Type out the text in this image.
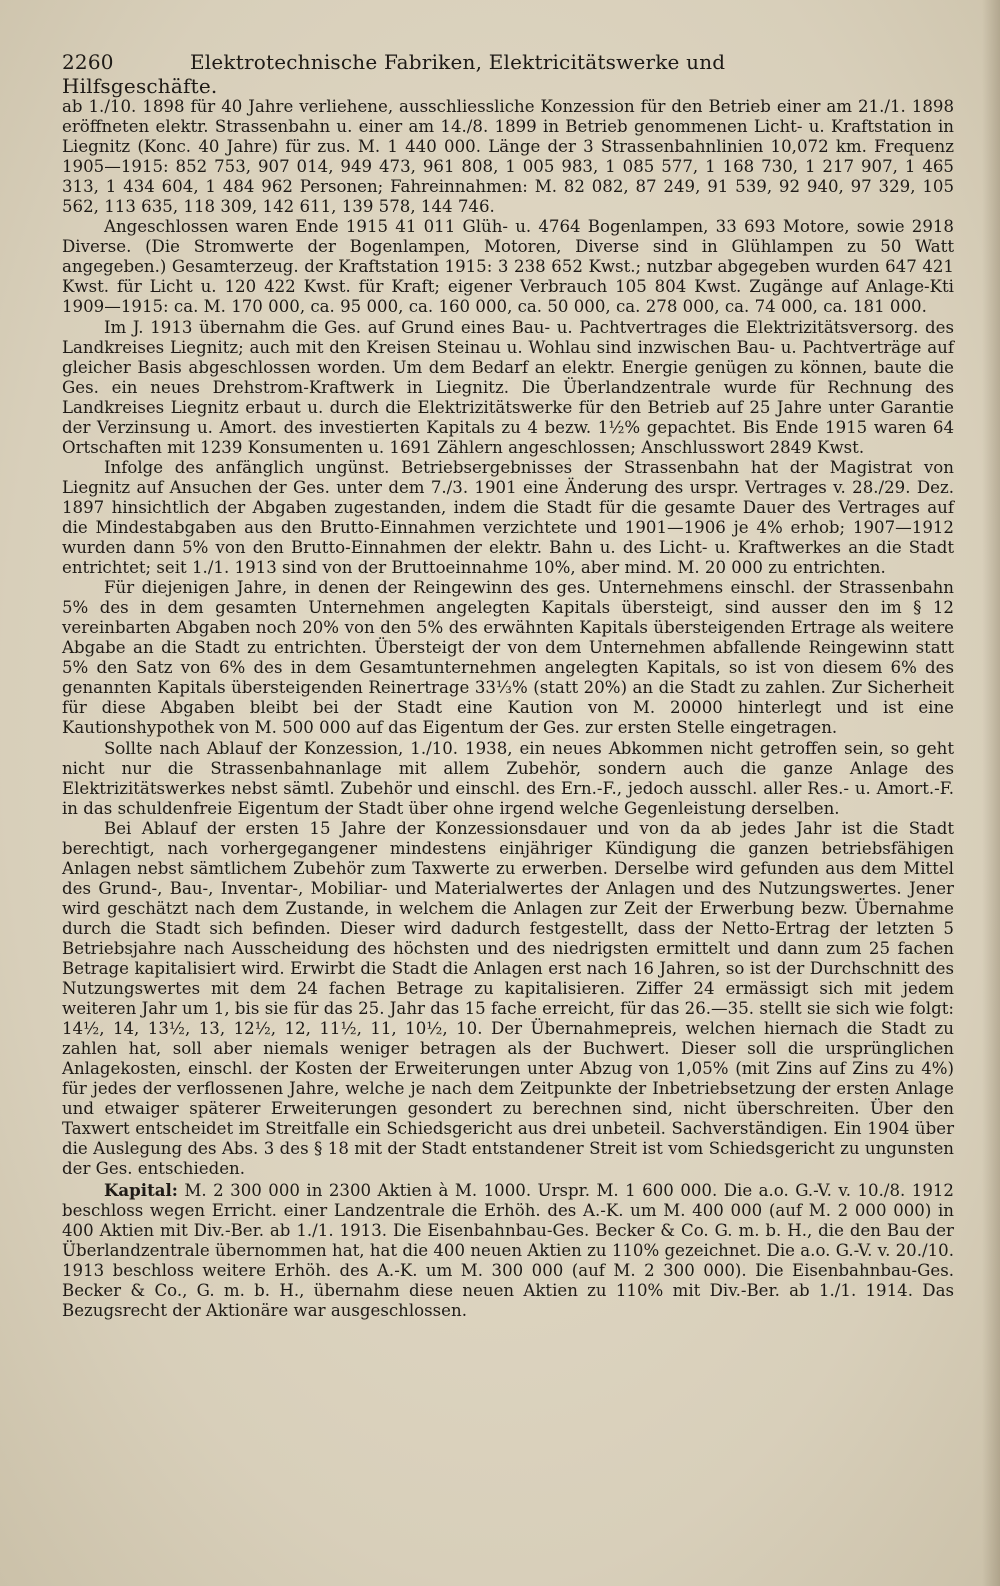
2260	Elektrotechnische Fabriken, Elektricitätswerke und Hilfsgeschäfte.

ab 1./10. 1898 für 40 Jahre verliehene, ausschliessliche Konzession für den Betrieb einer am 21./1. 1898 eröffneten elektr. Strassenbahn u. einer am 14./8. 1899 in Betrieb genommenen Licht- u. Kraftstation in Liegnitz (Konc. 40 Jahre) für zus. M. 1 440 000. Länge der 3 Strassenbahnlinien 10,072 km. Frequenz 1905—1915: 852 753, 907 014, 949 473, 961 808, 1 005 983, 1 085 577, 1 168 730, 1 217 907, 1 465 313, 1 434 604, 1 484 962 Personen; Fahreinnahmen: M. 82 082, 87 249, 91 539, 92 940, 97 329, 105 562, 113 635, 118 309, 142 611, 139 578, 144 746.

Angeschlossen waren Ende 1915 41 011 Glüh- u. 4764 Bogenlampen, 33 693 Motore, sowie 2918 Diverse. (Die Stromwerte der Bogenlampen, Motoren, Diverse sind in Glühlampen zu 50 Watt angegeben.) Gesamterzeug. der Kraftstation 1915: 3 238 652 Kwst.; nutzbar abgegeben wurden 647 421 Kwst. für Licht u. 120 422 Kwst. für Kraft; eigener Verbrauch 105 804 Kwst. Zugänge auf Anlage-Kti 1909—1915: ca. M. 170 000, ca. 95 000, ca. 160 000, ca. 50 000, ca. 278 000, ca. 74 000, ca. 181 000.

Im J. 1913 übernahm die Ges. auf Grund eines Bau- u. Pachtvertrages die Elektrizitätsversorg. des Landkreises Liegnitz; auch mit den Kreisen Steinau u. Wohlau sind inzwischen Bau- u. Pachtverträge auf gleicher Basis abgeschlossen worden. Um dem Bedarf an elektr. Energie genügen zu können, baute die Ges. ein neues Drehstrom-Kraftwerk in Liegnitz. Die Überlandzentrale wurde für Rechnung des Landkreises Liegnitz erbaut u. durch die Elektrizitätswerke für den Betrieb auf 25 Jahre unter Garantie der Verzinsung u. Amort. des investierten Kapitals zu 4 bezw. 1½% gepachtet. Bis Ende 1915 waren 64 Ortschaften mit 1239 Konsumenten u. 1691 Zählern angeschlossen; Anschlusswort 2849 Kwst.

Infolge des anfänglich ungünst. Betriebsergebnisses der Strassenbahn hat der Magistrat von Liegnitz auf Ansuchen der Ges. unter dem 7./3. 1901 eine Änderung des urspr. Vertrages v. 28./29. Dez. 1897 hinsichtlich der Abgaben zugestanden, indem die Stadt für die gesamte Dauer des Vertrages auf die Mindestabgaben aus den Brutto-Einnahmen verzichtete und 1901—1906 je 4% erhob; 1907—1912 wurden dann 5% von den Brutto-Einnahmen der elektr. Bahn u. des Licht- u. Kraftwerkes an die Stadt entrichtet; seit 1./1. 1913 sind von der Bruttoeinnahme 10%, aber mind. M. 20 000 zu entrichten.

Für diejenigen Jahre, in denen der Reingewinn des ges. Unternehmens einschl. der Strassenbahn 5% des in dem gesamten Unternehmen angelegten Kapitals übersteigt, sind ausser den im § 12 vereinbarten Abgaben noch 20% von den 5% des erwähnten Kapitals übersteigenden Ertrage als weitere Abgabe an die Stadt zu entrichten. Übersteigt der von dem Unternehmen abfallende Reingewinn statt 5% den Satz von 6% des in dem Gesamtunternehmen angelegten Kapitals, so ist von diesem 6% des genannten Kapitals übersteigenden Reinertrage 33⅓% (statt 20%) an die Stadt zu zahlen. Zur Sicherheit für diese Abgaben bleibt bei der Stadt eine Kaution von M. 20000 hinterlegt und ist eine Kautionshypothek von M. 500 000 auf das Eigentum der Ges. zur ersten Stelle eingetragen.

Sollte nach Ablauf der Konzession, 1./10. 1938, ein neues Abkommen nicht getroffen sein, so geht nicht nur die Strassenbahnanlage mit allem Zubehör, sondern auch die ganze Anlage des Elektrizitätswerkes nebst sämtl. Zubehör und einschl. des Ern.-F., jedoch ausschl. aller Res.- u. Amort.-F. in das schuldenfreie Eigentum der Stadt über ohne irgend welche Gegenleistung derselben.

Bei Ablauf der ersten 15 Jahre der Konzessionsdauer und von da ab jedes Jahr ist die Stadt berechtigt, nach vorhergegangener mindestens einjähriger Kündigung die ganzen betriebsfähigen Anlagen nebst sämtlichem Zubehör zum Taxwerte zu erwerben. Derselbe wird gefunden aus dem Mittel des Grund-, Bau-, Inventar-, Mobiliar- und Materialwertes der Anlagen und des Nutzungswertes. Jener wird geschätzt nach dem Zustande, in welchem die Anlagen zur Zeit der Erwerbung bezw. Übernahme durch die Stadt sich befinden. Dieser wird dadurch festgestellt, dass der Netto-Ertrag der letzten 5 Betriebsjahre nach Ausscheidung des höchsten und des niedrigsten ermittelt und dann zum 25 fachen Betrage kapitalisiert wird. Erwirbt die Stadt die Anlagen erst nach 16 Jahren, so ist der Durchschnitt des Nutzungswertes mit dem 24 fachen Betrage zu kapitalisieren. Ziffer 24 ermässigt sich mit jedem weiteren Jahr um 1, bis sie für das 25. Jahr das 15 fache erreicht, für das 26.—35. stellt sie sich wie folgt: 14½, 14, 13½, 13, 12½, 12, 11½, 11, 10½, 10. Der Übernahmepreis, welchen hiernach die Stadt zu zahlen hat, soll aber niemals weniger betragen als der Buchwert. Dieser soll die ursprünglichen Anlagekosten, einschl. der Kosten der Erweiterungen unter Abzug von 1,05% (mit Zins auf Zins zu 4%) für jedes der verflossenen Jahre, welche je nach dem Zeitpunkte der Inbetriebsetzung der ersten Anlage und etwaiger späterer Erweiterungen gesondert zu berechnen sind, nicht überschreiten. Über den Taxwert entscheidet im Streitfalle ein Schiedsgericht aus drei unbeteil. Sachverständigen. Ein 1904 über die Auslegung des Abs. 3 des § 18 mit der Stadt entstandener Streit ist vom Schiedsgericht zu ungunsten der Ges. entschieden.

Kapital: M. 2 300 000 in 2300 Aktien à M. 1000. Urspr. M. 1 600 000. Die a.o. G.-V. v. 10./8. 1912 beschloss wegen Erricht. einer Landzentrale die Erhöh. des A.-K. um M. 400 000 (auf M. 2 000 000) in 400 Aktien mit Div.-Ber. ab 1./1. 1913. Die Eisenbahnbau-Ges. Becker & Co. G. m. b. H., die den Bau der Überlandzentrale übernommen hat, hat die 400 neuen Aktien zu 110% gezeichnet. Die a.o. G.-V. v. 20./10. 1913 beschloss weitere Erhöh. des A.-K. um M. 300 000 (auf M. 2 300 000). Die Eisenbahnbau-Ges. Becker & Co., G. m. b. H., übernahm diese neuen Aktien zu 110% mit Div.-Ber. ab 1./1. 1914. Das Bezugsrecht der Aktionäre war ausgeschlossen.
